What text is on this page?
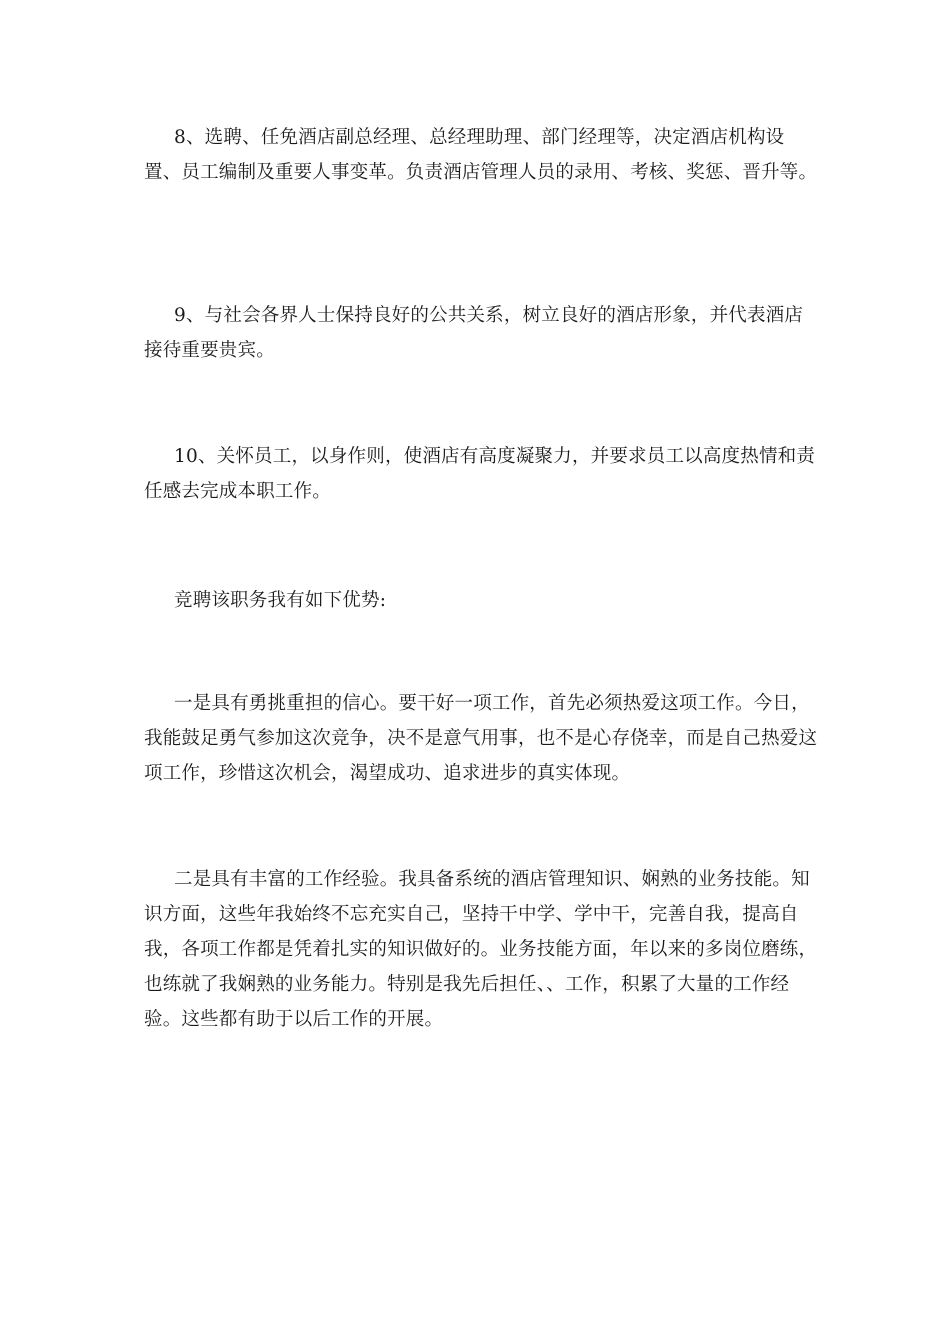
8、选聘、任免酒店副总经理、总经理助理、部门经理等，决定酒店机构设置、员工编制及重要人事变革。负责酒店管理人员的录用、考核、奖惩、晋升等。

9、与社会各界人士保持良好的公共关系，树立良好的酒店形象，并代表酒店接待重要贵宾。

10、关怀员工，以身作则，使酒店有高度凝聚力，并要求员工以高度热情和责任感去完成本职工作。

竞聘该职务我有如下优势:

一是具有勇挑重担的信心。要干好一项工作，首先必须热爱这项工作。今日，我能鼓足勇气参加这次竞争，决不是意气用事，也不是心存侥幸，而是自己热爱这项工作，珍惜这次机会，渴望成功、追求进步的真实体现。

二是具有丰富的工作经验。我具备系统的酒店管理知识、娴熟的业务技能。知识方面，这些年我始终不忘充实自己，坚持干中学、学中干，完善自我，提高自我，各项工作都是凭着扎实的知识做好的。业务技能方面，年以来的多岗位磨练，也练就了我娴熟的业务能力。特别是我先后担任、、工作，积累了大量的工作经验。这些都有助于以后工作的开展。
